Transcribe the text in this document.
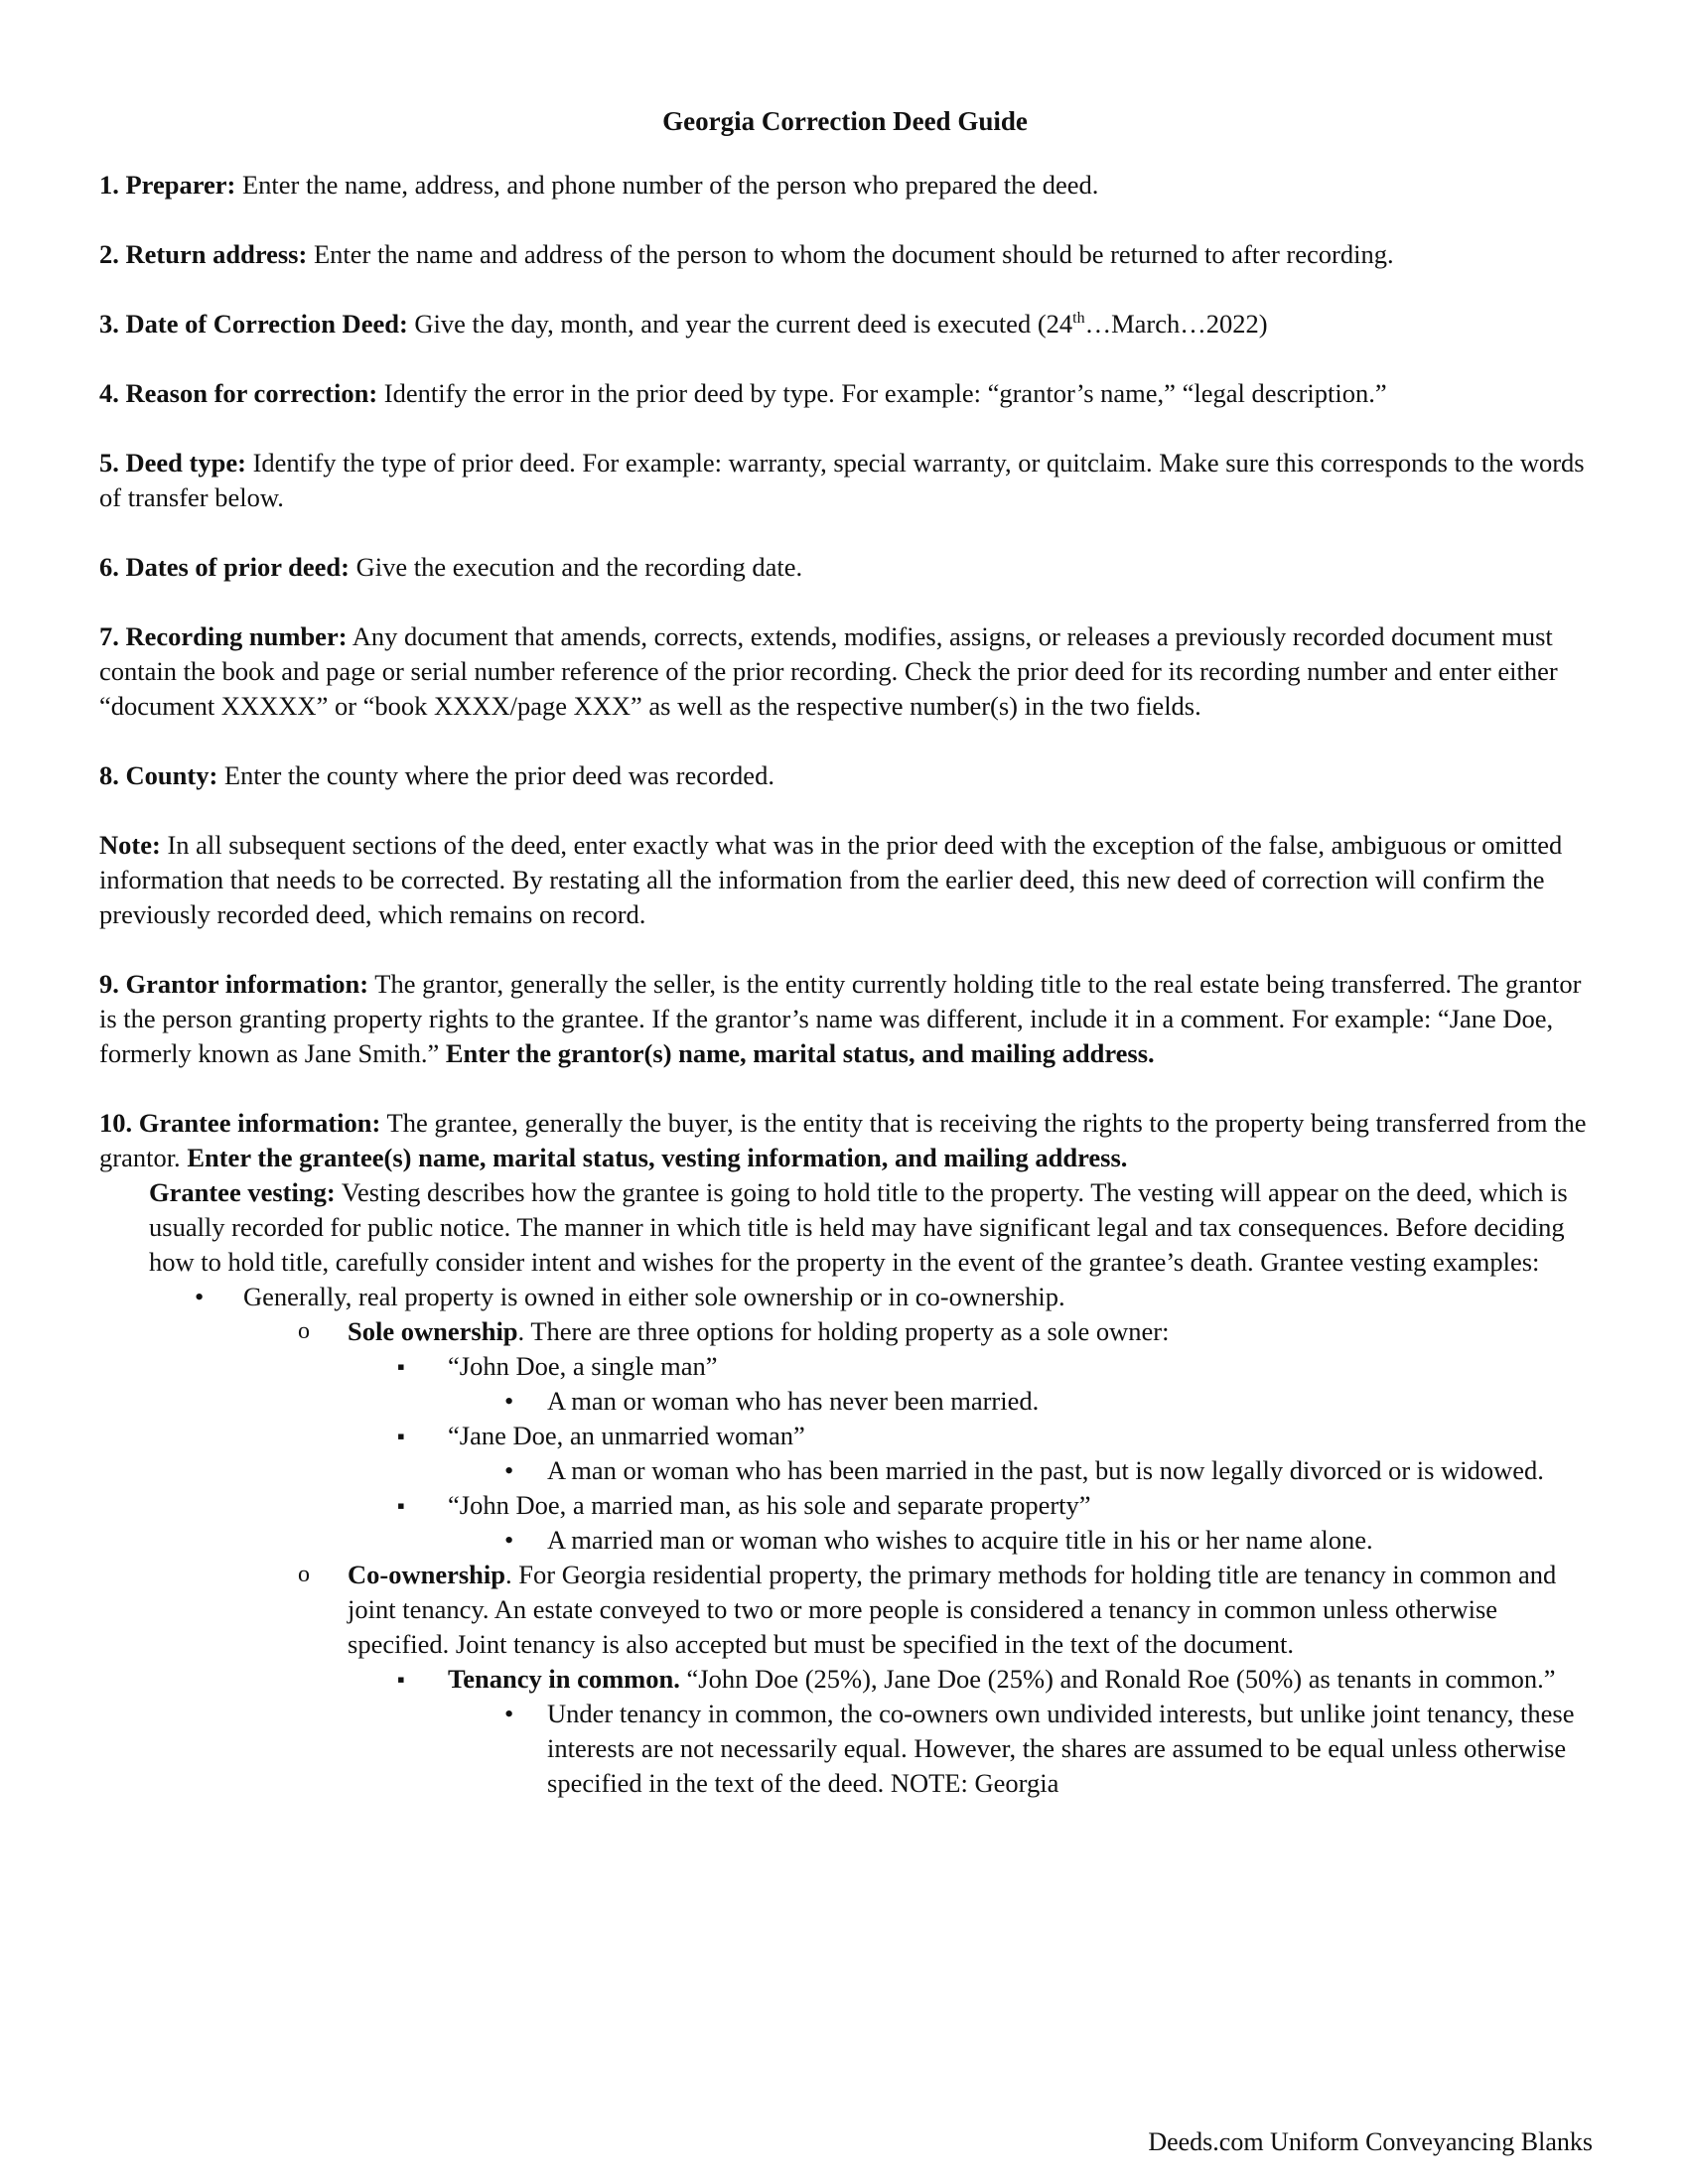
Georgia Correction Deed Guide

1. Preparer: Enter the name, address, and phone number of the person who prepared the deed.

2. Return address: Enter the name and address of the person to whom the document should be returned to after recording.

3. Date of Correction Deed: Give the day, month, and year the current deed is executed (24th…March…2022)

4. Reason for correction: Identify the error in the prior deed by type. For example: “grantor’s name,” “legal description.”

5. Deed type: Identify the type of prior deed. For example: warranty, special warranty, or quitclaim. Make sure this corresponds to the words of transfer below.

6. Dates of prior deed: Give the execution and the recording date.

7. Recording number: Any document that amends, corrects, extends, modifies, assigns, or releases a previously recorded document must contain the book and page or serial number reference of the prior recording. Check the prior deed for its recording number and enter either “document XXXXX” or “book XXXX/page XXX” as well as the respective number(s) in the two fields.

8. County: Enter the county where the prior deed was recorded.

Note: In all subsequent sections of the deed, enter exactly what was in the prior deed with the exception of the false, ambiguous or omitted information that needs to be corrected. By restating all the information from the earlier deed, this new deed of correction will confirm the previously recorded deed, which remains on record.

9. Grantor information: The grantor, generally the seller, is the entity currently holding title to the real estate being transferred. The grantor is the person granting property rights to the grantee. If the grantor’s name was different, include it in a comment. For example: “Jane Doe, formerly known as Jane Smith.” Enter the grantor(s) name, marital status, and mailing address.

10. Grantee information: The grantee, generally the buyer, is the entity that is receiving the rights to the property being transferred from the grantor. Enter the grantee(s) name, marital status, vesting information, and mailing address.
Grantee vesting: Vesting describes how the grantee is going to hold title to the property. The vesting will appear on the deed, which is usually recorded for public notice. The manner in which title is held may have significant legal and tax consequences. Before deciding how to hold title, carefully consider intent and wishes for the property in the event of the grantee’s death. Grantee vesting examples:
• Generally, real property is owned in either sole ownership or in co-ownership.
o Sole ownership. There are three options for holding property as a sole owner:
▪ “John Doe, a single man”
• A man or woman who has never been married.
▪ “Jane Doe, an unmarried woman”
• A man or woman who has been married in the past, but is now legally divorced or is widowed.
▪ “John Doe, a married man, as his sole and separate property”
• A married man or woman who wishes to acquire title in his or her name alone.
o Co-ownership. For Georgia residential property, the primary methods for holding title are tenancy in common and joint tenancy. An estate conveyed to two or more people is considered a tenancy in common unless otherwise specified. Joint tenancy is also accepted but must be specified in the text of the document.
▪ Tenancy in common. “John Doe (25%), Jane Doe (25%) and Ronald Roe (50%) as tenants in common.”
• Under tenancy in common, the co-owners own undivided interests, but unlike joint tenancy, these interests are not necessarily equal. However, the shares are assumed to be equal unless otherwise specified in the text of the deed. NOTE: Georgia
Deeds.com Uniform Conveyancing Blanks
